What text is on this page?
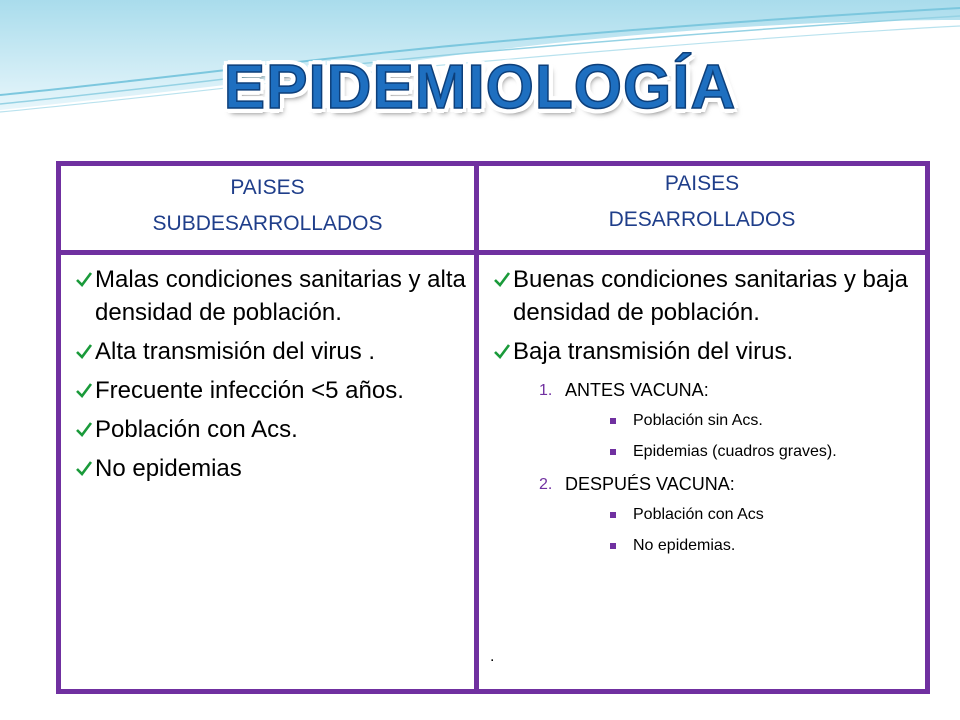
EPIDEMIOLOGÍA
PAISES
SUBDESARROLLADOS
PAISES
DESARROLLADOS
Malas condiciones sanitarias y alta densidad de población.
Alta transmisión del virus .
Frecuente infección <5 años.
Población con Acs.
No epidemias
Buenas condiciones sanitarias y baja densidad de población.
Baja transmisión del virus.
1. ANTES VACUNA:
Población sin Acs.
Epidemias (cuadros graves).
2. DESPUÉS VACUNA:
Población con Acs
No epidemias.
.
